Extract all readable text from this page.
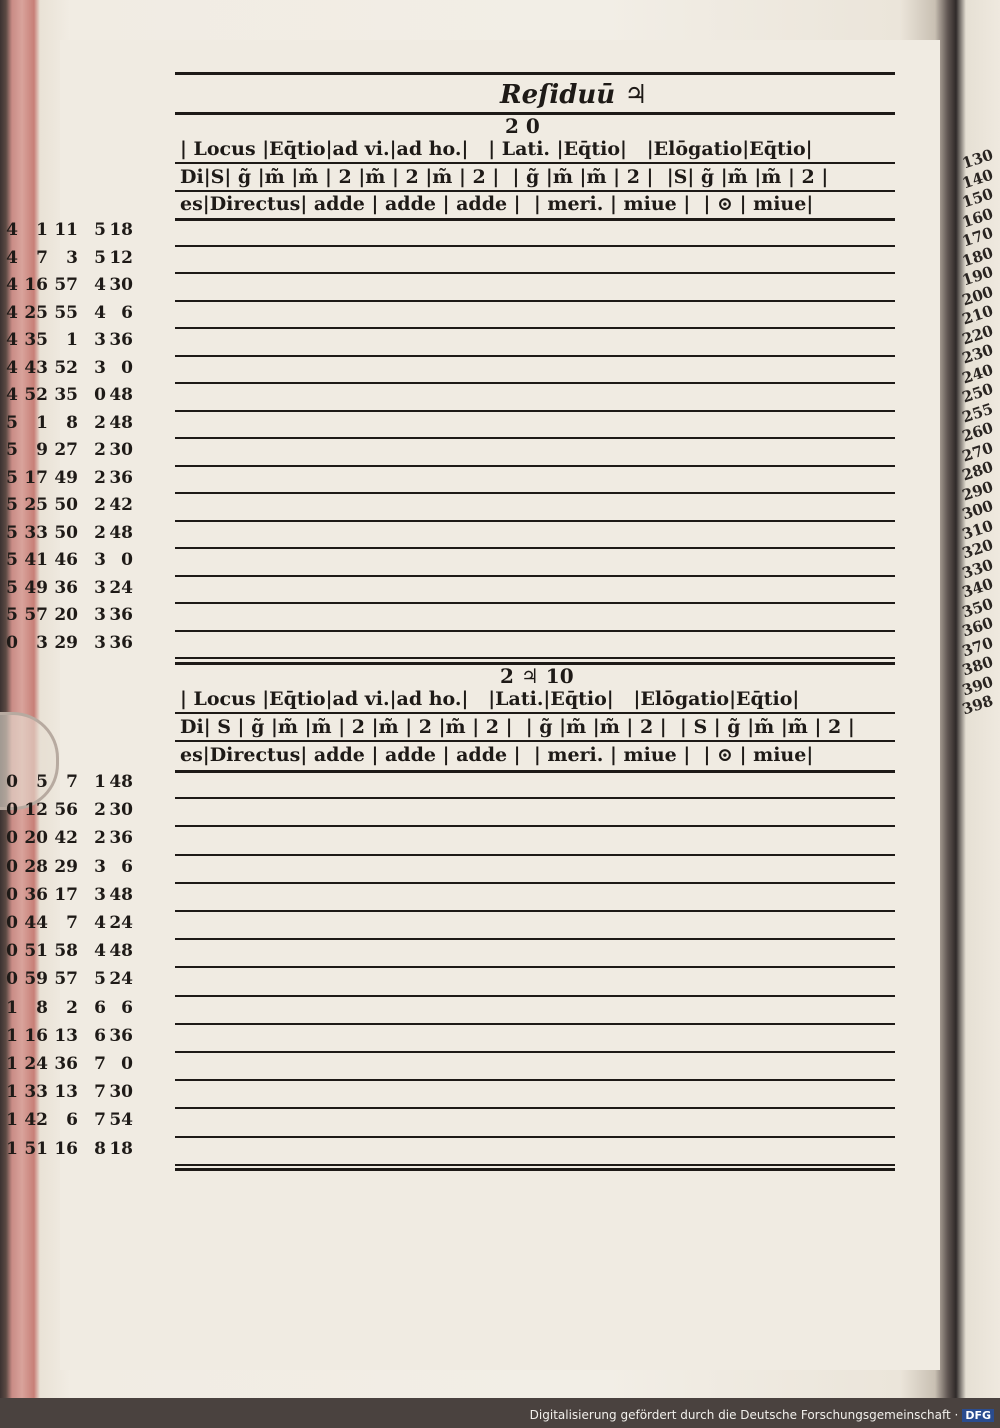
Reſiduū ♃
2 0
| Locus |Eq̄tio|ad vi.|ad ho.|   | Lati. |Eq̄tio|   |Elōgatio|Eq̄tio|
Di|S| g̃ |m̃ |m̃ | 2 |m̃ | 2 |m̃ | 2 |  | g̃ |m̃ |m̃ | 2 |  |S| g̃ |m̃ |m̃ | 2 |
es|Directus| adde | adde | adde |  | meri. | miue |  | ⊙ | miue|
4 1 11 5 18
4 7 3 5 12
4 16 57 4 30
4 25 55 4 6
4 35 1 3 36
4 43 52 3 0
4 52 35 0 48
5 1 8 2 48
5 9 27 2 30
5 17 49 2 36
5 25 50 2 42
5 33 50 2 48
5 41 46 3 0
5 49 36 3 24
5 57 20 3 36
0 3 29 3 36
2 ♃ 10
| Locus |Eq̄tio|ad vi.|ad ho.|   |Lati.|Eq̄tio|   |Elōgatio|Eq̄tio|
Di| S | g̃ |m̃ |m̃ | 2 |m̃ | 2 |m̃ | 2 |  | g̃ |m̃ |m̃ | 2 |  | S | g̃ |m̃ |m̃ | 2 |
es|Directus| adde | adde | adde |  | meri. | miue |  | ⊙ | miue|
0 5 7 1 48
0 12 56 2 30
0 20 42 2 36
0 28 29 3 6
0 36 17 3 48
0 44 7 4 24
0 51 58 4 48
0 59 57 5 24
1 8 2 6 6
1 16 13 6 36
1 24 36 7 0
1 33 13 7 30
1 42 6 7 54
1 51 16 8 18
Digitalisierung gefördert durch die Deutsche Forschungsgemeinschaft · DFG
130
140
150
160
170
180
190
200
210
220
230
240
250
255
260
270
280
290
300
310
320
330
340
350
360
370
380
390
398
